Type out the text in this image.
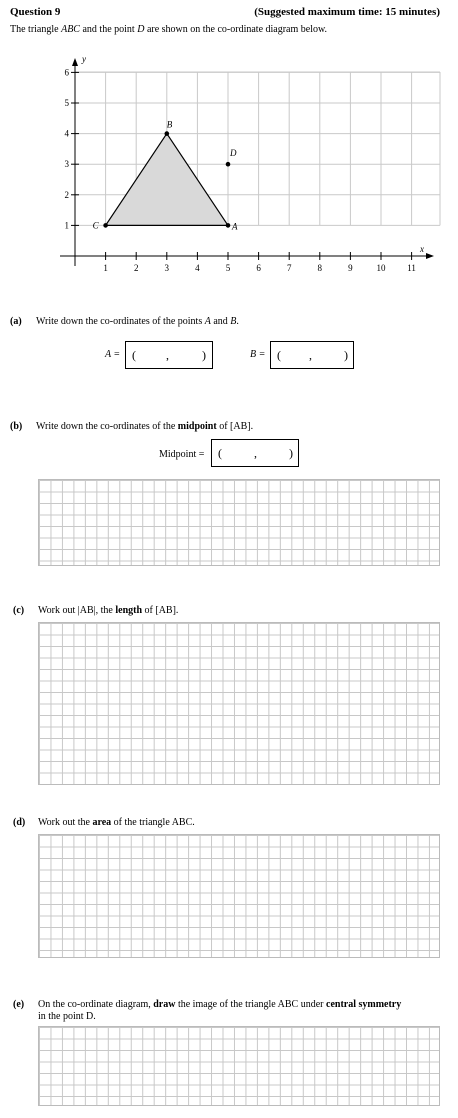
Question 9	(Suggested maximum time: 15 minutes)
The triangle ABC and the point D are shown on the co-ordinate diagram below.
x
y
1	2	3	4	5	6	7	8	9	10 11
1
2
3
4
5
6
A
B
C
D
(a) Write down the co-ordinates of the points A and B.
A = (	,	)	B = ( ,	)
(b) Write down the co-ordinates of the midpoint of [AB].
Midpoint = (	,	)
(c) Work out |AB|, the length of [AB].
(d) Work out the area of the triangle ABC.
(e) On the co-ordinate diagram, draw the image of the triangle ABC under central symmetry
in the point D.
